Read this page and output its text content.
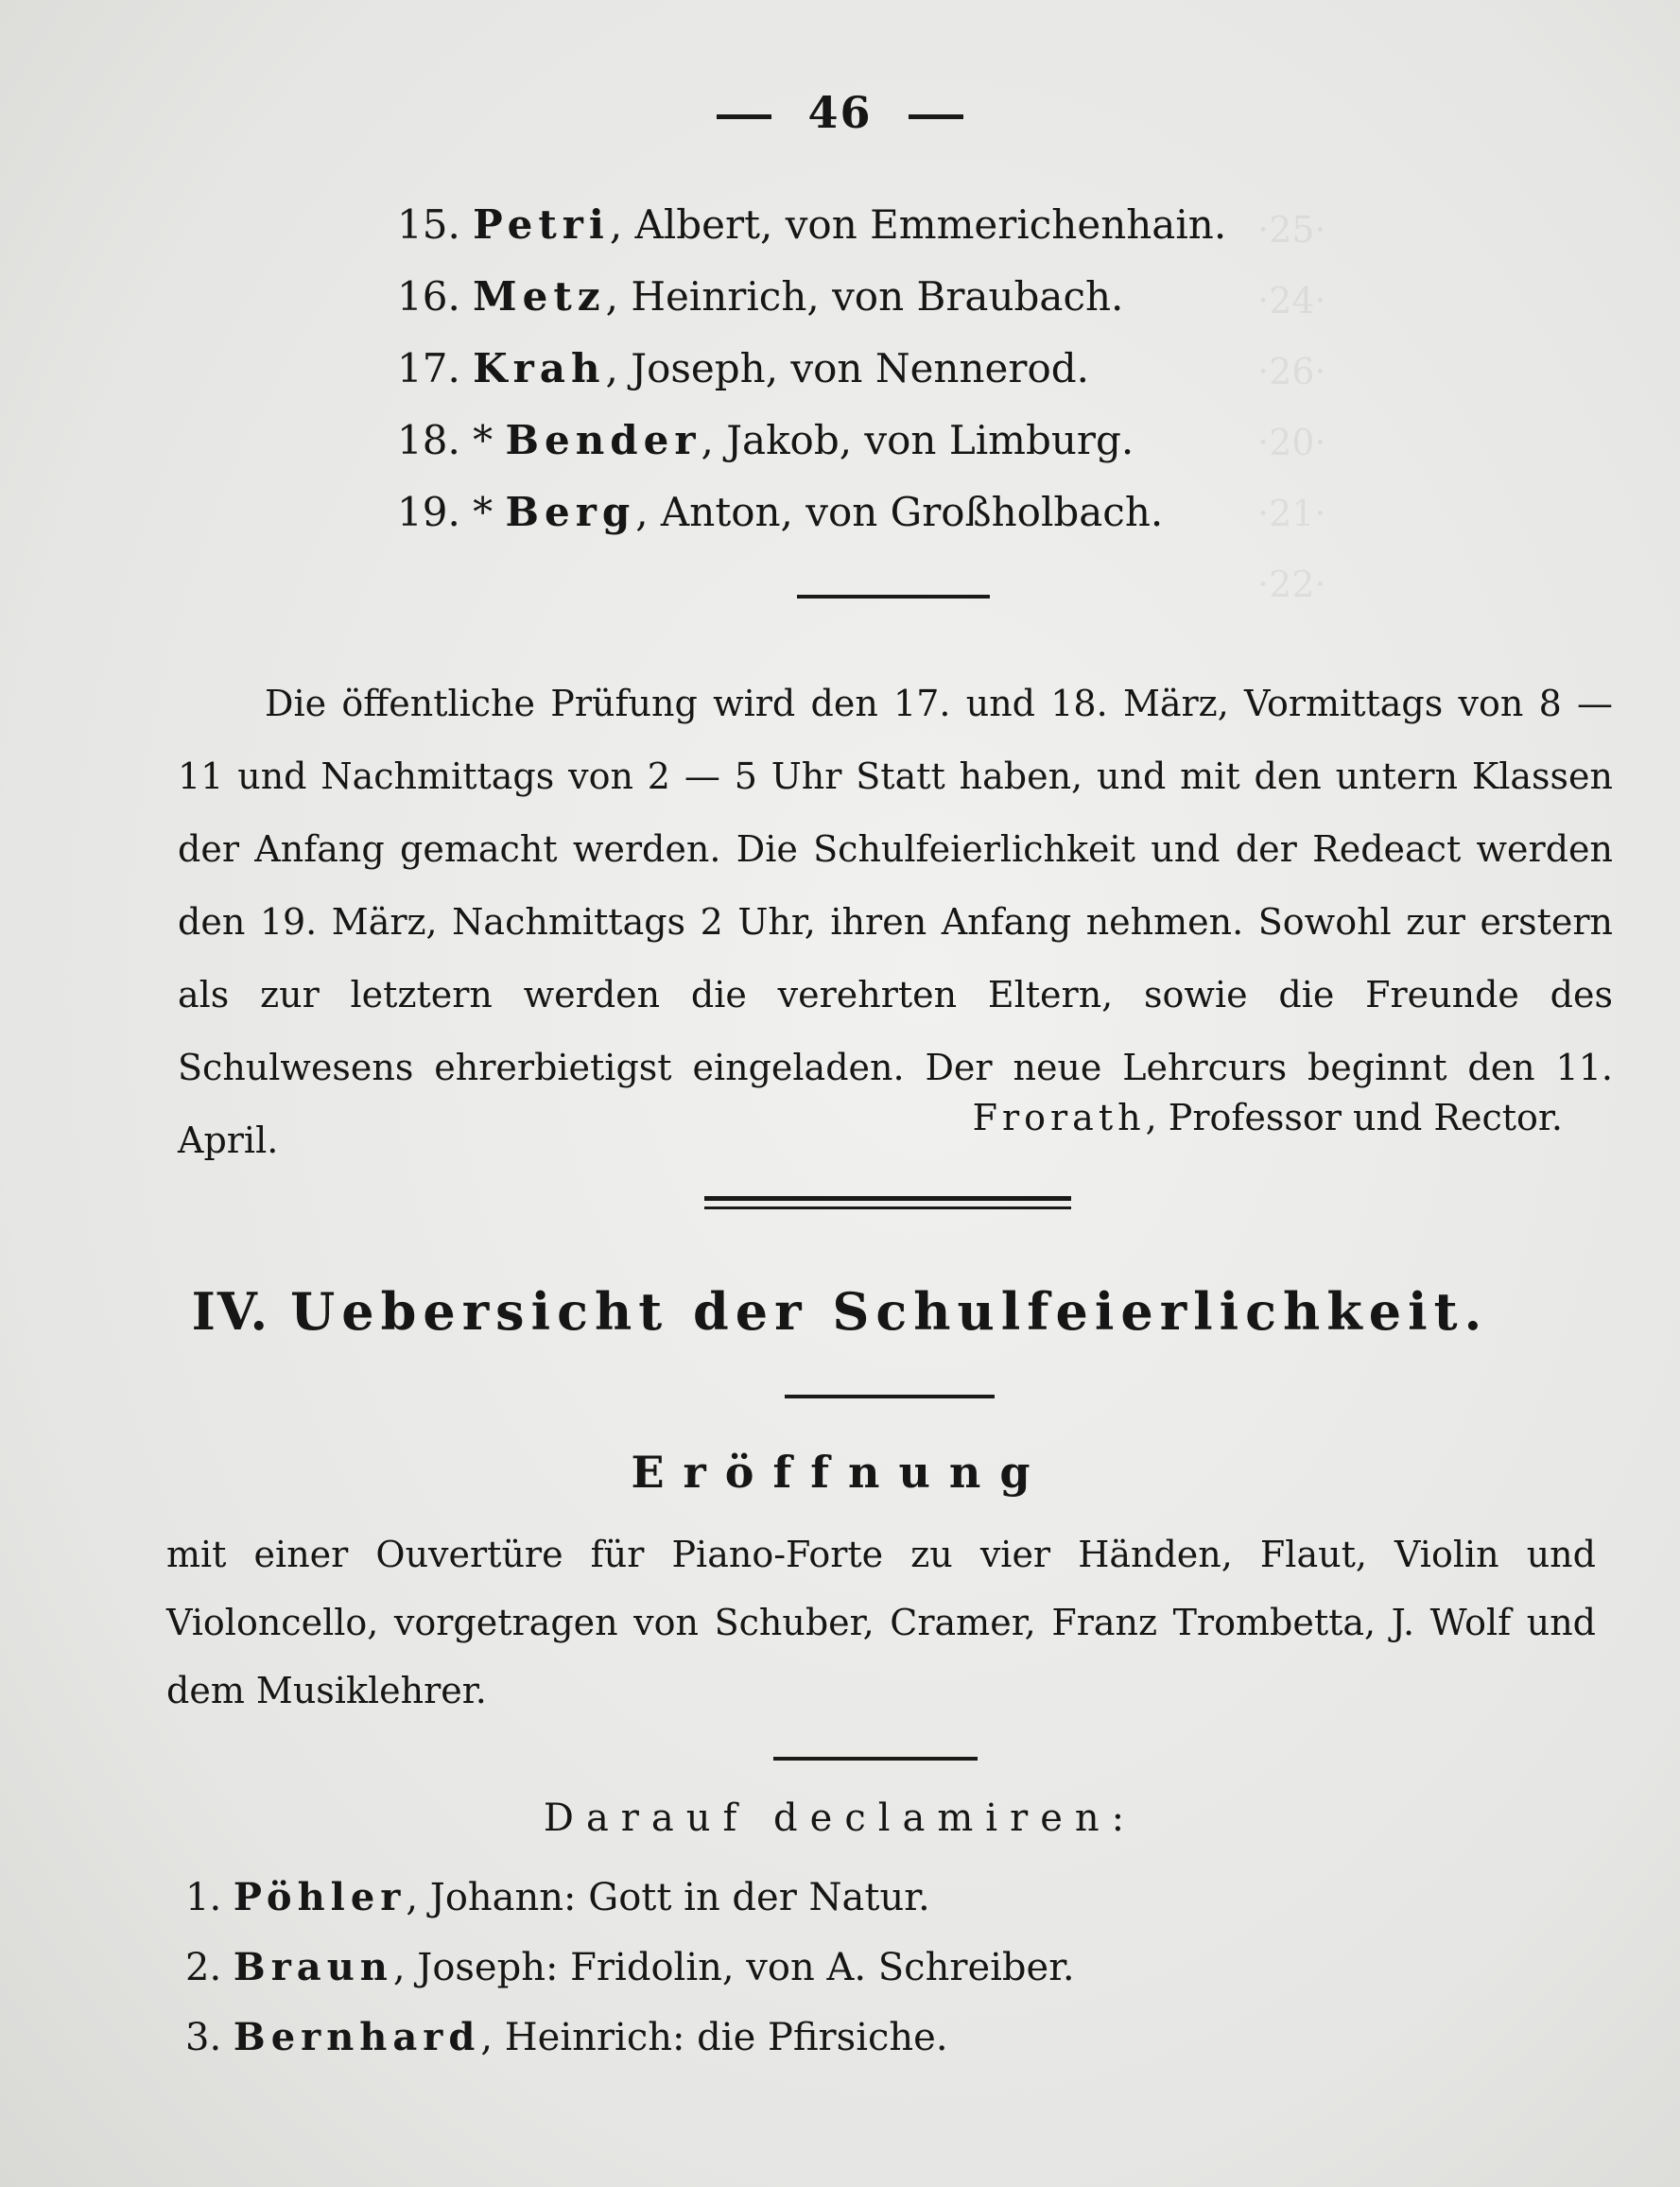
·25·
·24·
·26·
·20·
·21·
·22·
46
15. Petri, Albert, von Emmerichenhain.
16. Metz, Heinrich, von Braubach.
17. Krah, Joseph, von Nennerod.
18. * Bender, Jakob, von Limburg.
19. * Berg, Anton, von Großholbach.
Die öffentliche Prüfung wird den 17. und 18. März, Vormittags von 8 — 11 und Nachmittags von 2 — 5 Uhr Statt haben, und mit den untern Klassen der Anfang gemacht werden. Die Schulfeierlichkeit und der Redeact werden den 19. März, Nachmittags 2 Uhr, ihren Anfang nehmen. Sowohl zur erstern als zur letztern werden die verehrten Eltern, sowie die Freunde des Schulwesens ehrerbietigst eingeladen. Der neue Lehrcurs beginnt den 11. April.
Frorath, Professor und Rector.
IV. Uebersicht der Schulfeierlichkeit.
Eröffnung
mit einer Ouvertüre für Piano-Forte zu vier Händen, Flaut, Violin und Violoncello, vorgetragen von Schuber, Cramer, Franz Trombetta, J. Wolf und dem Musiklehrer.
Darauf declamiren:
1. Pöhler, Johann: Gott in der Natur.
2. Braun, Joseph: Fridolin, von A. Schreiber.
3. Bernhard, Heinrich: die Pfirsiche.
